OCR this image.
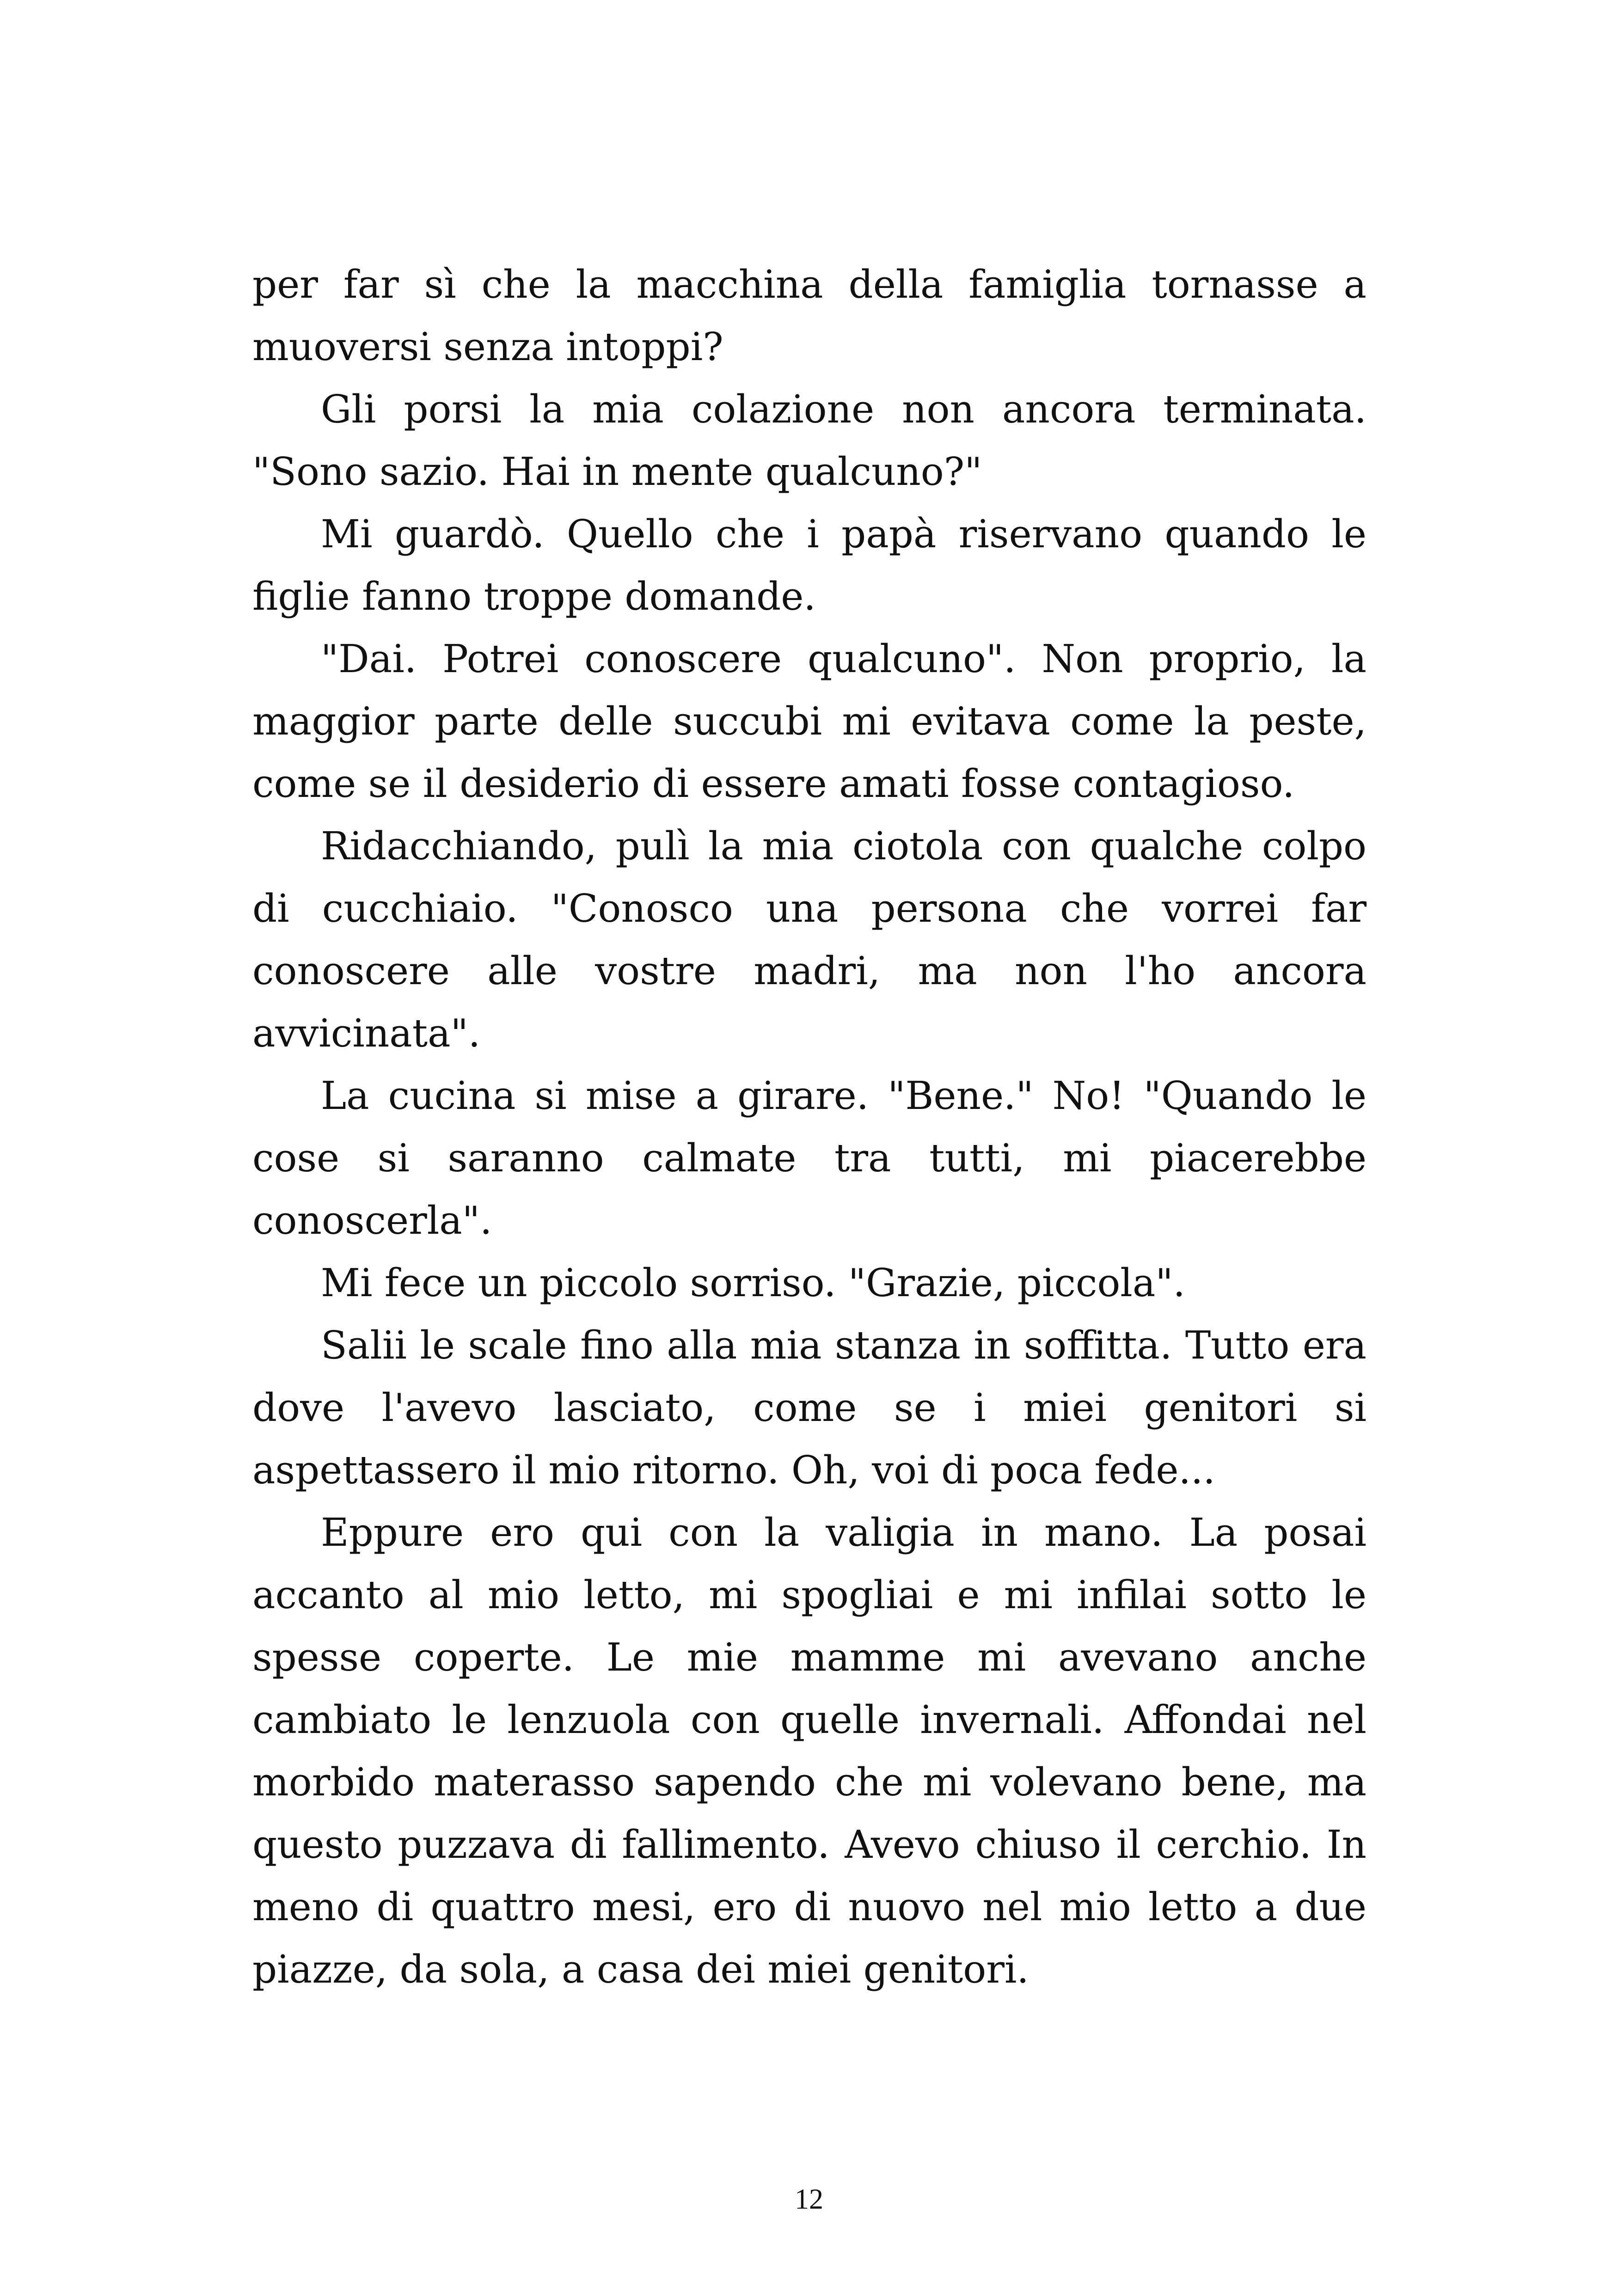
per far sì che la macchina della famiglia tornasse a muoversi senza intoppi?

Gli porsi la mia colazione non ancora terminata. "Sono sazio. Hai in mente qualcuno?"

Mi guardò. Quello che i papà riservano quando le figlie fanno troppe domande.

"Dai. Potrei conoscere qualcuno". Non proprio, la maggior parte delle succubi mi evitava come la peste, come se il desiderio di essere amati fosse contagioso.

Ridacchiando, pulì la mia ciotola con qualche colpo di cucchiaio. "Conosco una persona che vorrei far conoscere alle vostre madri, ma non l'ho ancora avvicinata".

La cucina si mise a girare. "Bene." No! "Quando le cose si saranno calmate tra tutti, mi piacerebbe conoscerla".

Mi fece un piccolo sorriso. "Grazie, piccola".

Salii le scale fino alla mia stanza in soffitta. Tutto era dove l'avevo lasciato, come se i miei genitori si aspettassero il mio ritorno. Oh, voi di poca fede...

Eppure ero qui con la valigia in mano. La posai accanto al mio letto, mi spogliai e mi infilai sotto le spesse coperte. Le mie mamme mi avevano anche cambiato le lenzuola con quelle invernali. Affondai nel morbido materasso sapendo che mi volevano bene, ma questo puzzava di fallimento. Avevo chiuso il cerchio. In meno di quattro mesi, ero di nuovo nel mio letto a due piazze, da sola, a casa dei miei genitori.

12
